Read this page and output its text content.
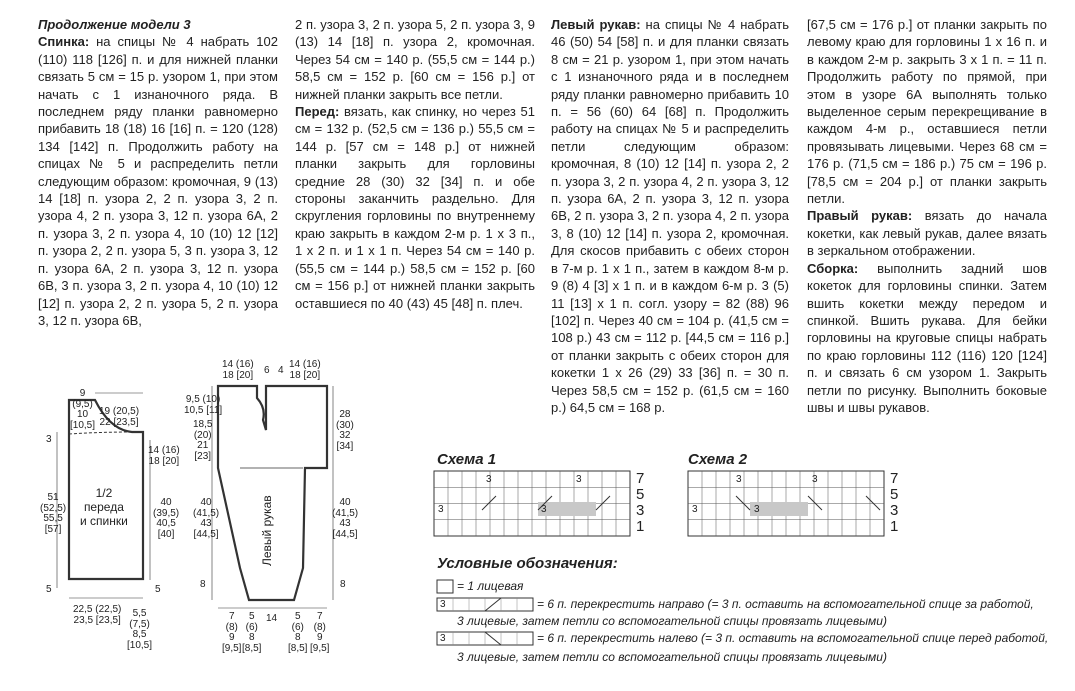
Продолжение модели 3

Спинка: на спицы № 4 набрать 102 (110) 118 [126] п. и для нижней планки связать 5 см = 15 р. узором 1, при этом начать с 1 изнаночного ряда. В последнем ряду планки равномерно прибавить 18 (18) 16 [16] п. = 120 (128) 134 [142] п. Продолжить работу на спицах № 5 и распределить петли следующим образом: кромочная, 9 (13) 14 [18] п. узора 2, 2 п. узора 3, 2 п. узора 4, 2 п. узора 3, 12 п. узора 6А, 2 п. узора 3, 2 п. узора 4, 10 (10) 12 [12] п. узора 2, 2 п. узора 5, 3 п. узора 3, 12 п. узора 6А, 2 п. узора 3, 12 п. узора 6В, 3 п. узора 3, 2 п. узора 4, 10 (10) 12 [12] п. узора 2, 2 п. узора 5, 2 п. узора 3, 12 п. узора 6В,

2 п. узора 3, 2 п. узора 5, 2 п. узора 3, 9 (13) 14 [18] п. узора 2, кромочная. Через 54 см = 140 р. (55,5 см = 144 р.) 58,5 см = 152 р. [60 см = 156 р.] от нижней планки закрыть все петли.

Перед: вязать, как спинку, но через 51 см = 132 р. (52,5 см = 136 р.) 55,5 см = 144 р. [57 см = 148 р.] от нижней планки закрыть для горловины средние 28 (30) 32 [34] п. и обе стороны заканчить раздельно. Для скругления горловины по внутреннему краю закрыть в каждом 2-м р. 1 х 3 п., 1 х 2 п. и 1 х 1 п. Через 54 см = 140 р. (55,5 см = 144 р.) 58,5 см = 152 р. [60 см = 156 р.] от нижней планки закрыть оставшиеся по 40 (43) 45 [48] п. плеч.

Левый рукав: на спицы № 4 набрать 46 (50) 54 [58] п. и для планки связать 8 см = 21 р. узором 1, при этом начать с 1 изнаночного ряда и в последнем ряду планки равномерно прибавить 10 п. = 56 (60) 64 [68] п. Продолжить работу на спицах № 5 и распределить петли следующим образом: кромочная, 8 (10) 12 [14] п. узора 2, 2 п. узора 3, 2 п. узора 4, 2 п. узора 3, 12 п. узора 6А, 2 п. узора 3, 12 п. узора 6В, 2 п. узора 3, 2 п. узора 4, 2 п. узора 3, 8 (10) 12 [14] п. узора 2, кромочная. Для скосов прибавить с обеих сторон в 7-м р. 1 х 1 п., затем в каждом 8-м р. 9 (8) 4 [3] х 1 п. и в каждом 6-м р. 3 (5) 11 [13] х 1 п. согл. узору = 82 (88) 96 [102] п. Через 40 см = 104 р. (41,5 см = 108 р.) 43 см = 112 р. [44,5 см = 116 р.] от планки закрыть с обеих сторон для кокетки 1 х 26 (29) 33 [36] п. = 30 п. Через 58,5 см = 152 р. (61,5 см = 160 р.) 64,5 см = 168 р.

[67,5 см = 176 р.] от планки закрыть по левому краю для горловины 1 х 16 п. и в каждом 2-м р. закрыть 3 х 1 п. = 11 п. Продолжить работу по прямой, при этом в узоре 6А выполнять только выделенное серым перекрещивание в каждом 4-м р., оставшиеся петли провязывать лицевыми. Через 68 см = 176 р. (71,5 см = 186 р.) 75 см = 196 р. [78,5 см = 204 р.] от планки закрыть петли.

Правый рукав: вязать до начала кокетки, как левый рукав, далее вязать в зеркальном отображении.

Сборка: выполнить задний шов кокеток для горловины спинки. Затем вшить кокетки между передом и спинкой. Вшить рукава. Для бейки горловины на круговые спицы набрать по краю горловины 112 (116) 120 [124] п. и связать 6 см узором 1. Закрыть петли по рисунку. Выполнить боковые швы и швы рукавов.

1/2
переда
и спинки
9
(9,5)
10
[10,5]
19 (20,5)
22 [23,5]
3
14 (16)
18 [20]
51
(52,5)
55,5
[57]
40
(39,5)
40,5
[40]
5	5
22,5 (22,5)
23,5 [23,5]
5,5
(7,5)
8,5
[10,5]
Левый рукав
14 (16)
18 [20] 6 4
14 (16)
18 [20]
9,5 (10)
10,5 [11]
18,5
(20)
21
[23]
40
(41,5)
43
[44,5]
8
28
(30)
32
[34]
40
(41,5)
43
[44,5]
8
7
(8)
9
[9,5]
5
(6)
8
[8,5]
14	5
(6)
8
[8,5]
7
(8)
9
[9,5]
Схема 1
3
3
3
3	7
5
3
1
Схема 2
3
3
3
3	7
5
3
1
Условные обозначения:
= 1 лицевая
3	= 6 п. перекрестить направо (= 3 п. оставить на вспомогательной спице за работой,
3 лицевые, затем петли со вспомогательной спицы провязать лицевыми)
3	= 6 п. перекрестить налево (= 3 п. оставить на вспомогательной спице перед работой,
3 лицевые, затем петли со вспомогательной спицы провязать лицевыми)
